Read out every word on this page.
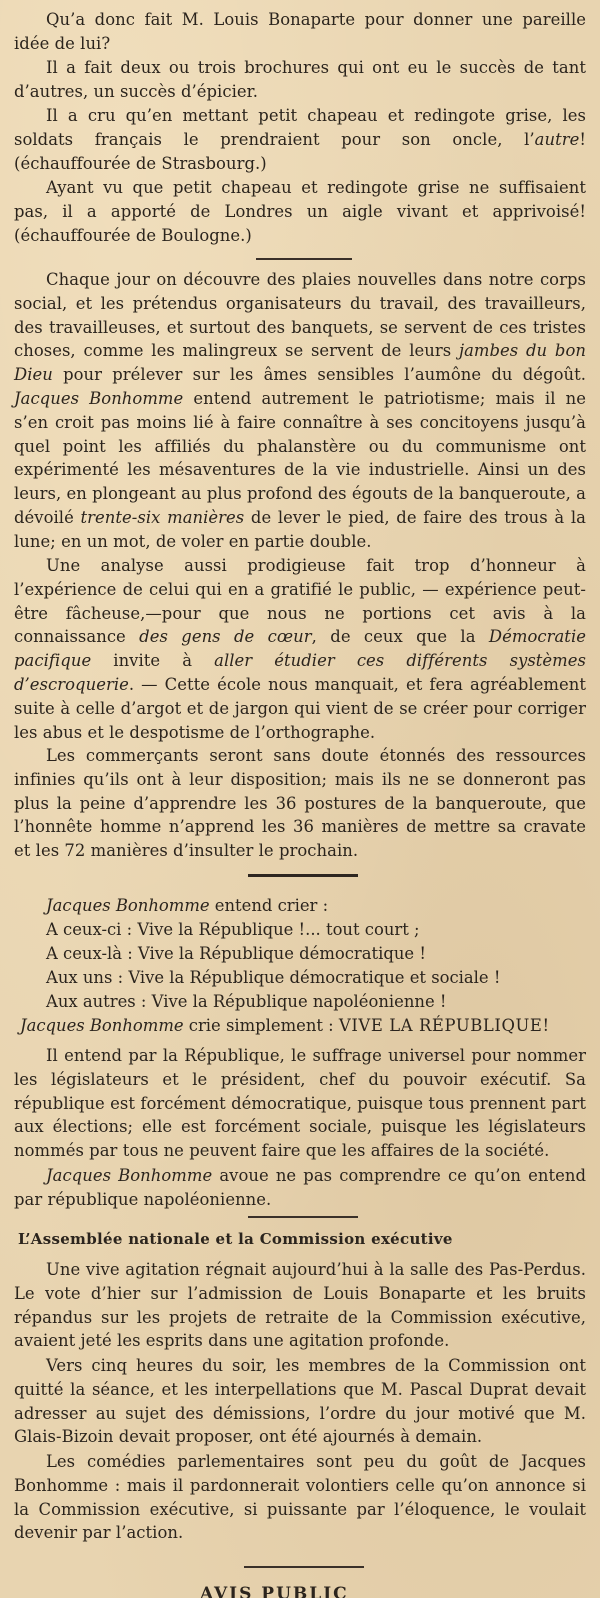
Qu’a donc fait M. Louis Bonaparte pour donner une pareille idée de lui?

Il a fait deux ou trois brochures qui ont eu le succès de tant d’autres, un succès d’épicier.

Il a cru qu’en mettant petit chapeau et redingote grise, les soldats français le prendraient pour son oncle, l’autre! (échauffourée de Strasbourg.)

Ayant vu que petit chapeau et redingote grise ne suffisaient pas, il a apporté de Londres un aigle vivant et apprivoisé! (échauffourée de Boulogne.)

Chaque jour on découvre des plaies nouvelles dans notre corps social, et les prétendus organisateurs du travail, des travailleurs, des travailleuses, et surtout des banquets, se servent de ces tristes choses, comme les malingreux se servent de leurs jambes du bon Dieu pour prélever sur les âmes sensibles l’aumône du dégoût. Jacques Bonhomme entend autrement le patriotisme; mais il ne s’en croit pas moins lié à faire connaître à ses concitoyens jusqu’à quel point les affiliés du phalanstère ou du communisme ont expérimenté les mésaventures de la vie industrielle. Ainsi un des leurs, en plongeant au plus profond des égouts de la banqueroute, a dévoilé trente-six manières de lever le pied, de faire des trous à la lune; en un mot, de voler en partie double.

Une analyse aussi prodigieuse fait trop d’honneur à l’expérience de celui qui en a gratifié le public, — expérience peut-être fâcheuse,—pour que nous ne portions cet avis à la connaissance des gens de cœur, de ceux que la Démocratie pacifique invite à aller étudier ces différents systèmes d’escroquerie. — Cette école nous manquait, et fera agréablement suite à celle d’argot et de jargon qui vient de se créer pour corriger les abus et le despotisme de l’orthographe.

Les commerçants seront sans doute étonnés des ressources infinies qu’ils ont à leur disposition; mais ils ne se donneront pas plus la peine d’apprendre les 36 postures de la banqueroute, que l’honnête homme n’apprend les 36 manières de mettre sa cravate et les 72 manières d’insulter le prochain.

Jacques Bonhomme entend crier :
A ceux-ci : Vive la République !... tout court ;
A ceux-là : Vive la République démocratique !
Aux uns : Vive la République démocratique et sociale !
Aux autres : Vive la République napoléonienne !
Jacques Bonhomme crie simplement : VIVE LA RÉPUBLIQUE!

Il entend par la République, le suffrage universel pour nommer les législateurs et le président, chef du pouvoir exécutif. Sa république est forcément démocratique, puisque tous prennent part aux élections; elle est forcément sociale, puisque les législateurs nommés par tous ne peuvent faire que les affaires de la société.

Jacques Bonhomme avoue ne pas comprendre ce qu’on entend par république napoléonienne.

L’Assemblée nationale et la Commission exécutive

Une vive agitation régnait aujourd’hui à la salle des Pas-Perdus. Le vote d’hier sur l’admission de Louis Bonaparte et les bruits répandus sur les projets de retraite de la Commission exécutive, avaient jeté les esprits dans une agitation profonde.

Vers cinq heures du soir, les membres de la Commission ont quitté la séance, et les interpellations que M. Pascal Duprat devait adresser au sujet des démissions, l’ordre du jour motivé que M. Glais-Bizoin devait proposer, ont été ajournés à demain.

Les comédies parlementaires sont peu du goût de Jacques Bonhomme : mais il pardonnerait volontiers celle qu’on annonce si la Commission exécutive, si puissante par l’éloquence, le voulait devenir par l’action.

AVIS PUBLIC
